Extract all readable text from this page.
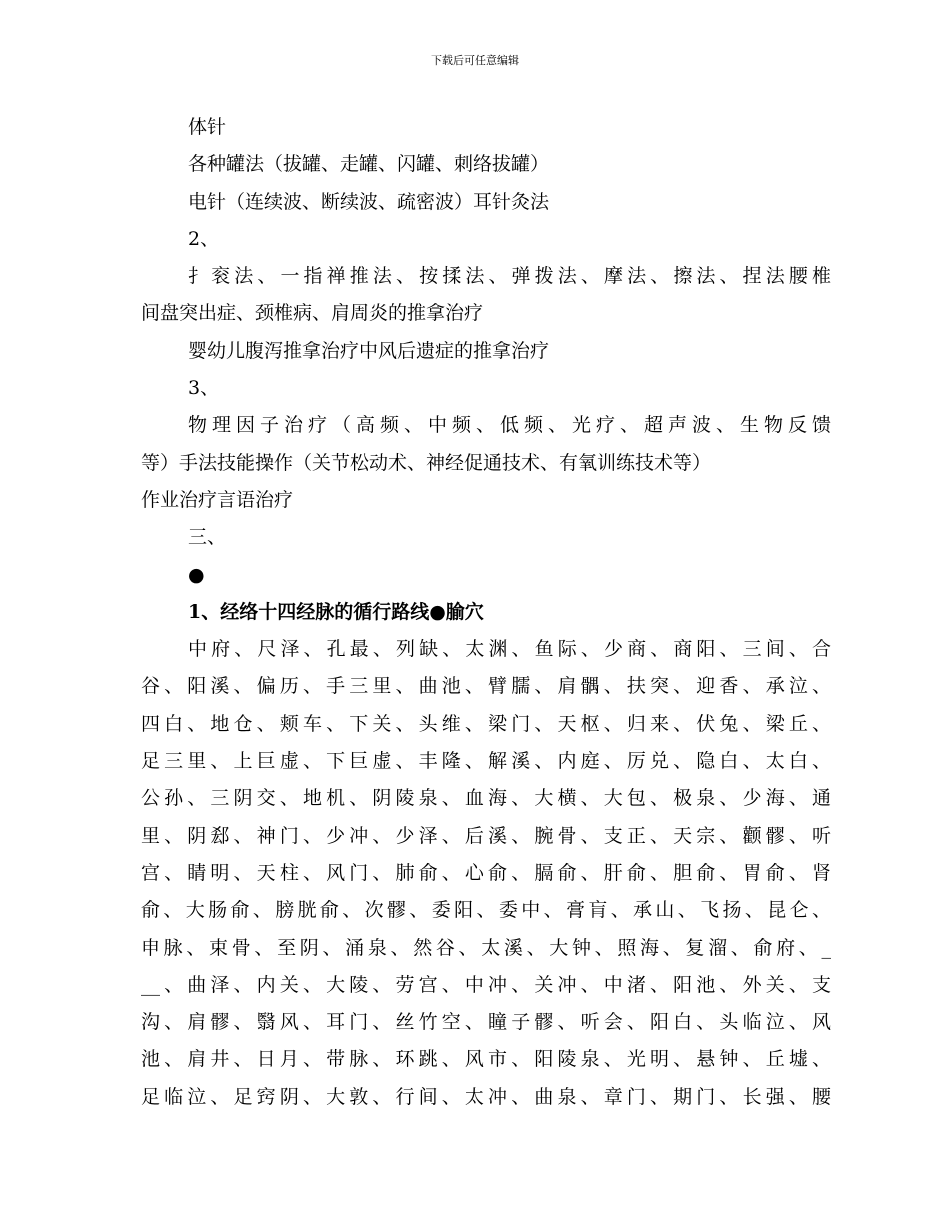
下载后可任意编辑
体针
各种罐法（拔罐、走罐、闪罐、刺络拔罐）
电针（连续波、断续波、疏密波）耳针灸法
2、
扌衮法、一指禅推法、按揉法、弹拨法、摩法、擦法、捏法腰椎
间盘突出症、颈椎病、肩周炎的推拿治疗
婴幼儿腹泻推拿治疗中风后遗症的推拿治疗
3、
物理因子治疗（高频、中频、低频、光疗、超声波、生物反馈
等）手法技能操作（关节松动术、神经促通技术、有氧训练技术等）
作业治疗言语治疗
三、
●
1、经络十四经脉的循行路线●腧穴
中府、尺泽、孔最、列缺、太渊、鱼际、少商、商阳、三间、合
谷、阳溪、偏历、手三里、曲池、臂臑、肩髃、扶突、迎香、承泣、
四白、地仓、颊车、下关、头维、梁门、天枢、归来、伏兔、梁丘、
足三里、上巨虚、下巨虚、丰隆、解溪、内庭、厉兑、隐白、太白、
公孙、三阴交、地机、阴陵泉、血海、大横、大包、极泉、少海、通
里、阴郄、神门、少冲、少泽、后溪、腕骨、支正、天宗、颧髎、听
宫、睛明、天柱、风门、肺俞、心俞、膈俞、肝俞、胆俞、胃俞、肾
俞、大肠俞、膀胱俞、次髎、委阳、委中、膏肓、承山、飞扬、昆仑、
申脉、束骨、至阴、涌泉、然谷、太溪、大钟、照海、复溜、俞府、_
__、曲泽、内关、大陵、劳宫、中冲、关冲、中渚、阳池、外关、支
沟、肩髎、翳风、耳门、丝竹空、瞳子髎、听会、阳白、头临泣、风
池、肩井、日月、带脉、环跳、风市、阳陵泉、光明、悬钟、丘墟、
足临泣、足窍阴、大敦、行间、太冲、曲泉、章门、期门、长强、腰
